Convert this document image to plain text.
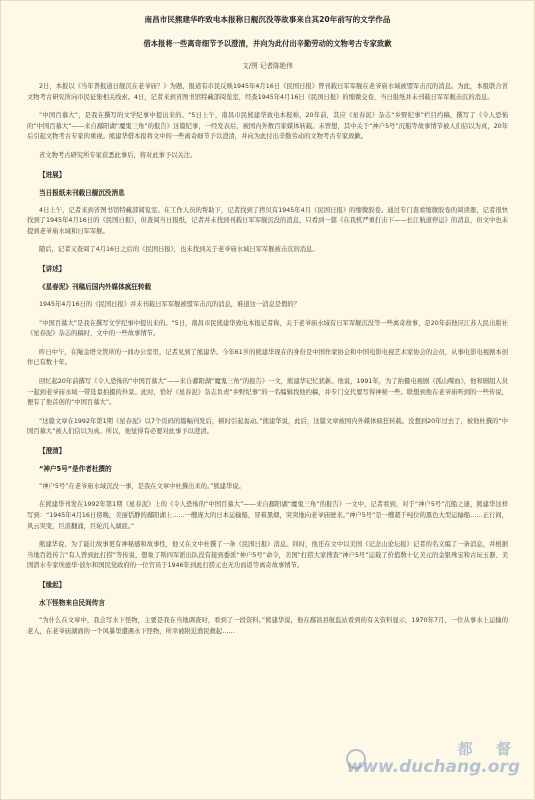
南昌市民熊建华昨致电本报称日舰沉没等故事来自其20年前写的文学作品
借本报将一些离奇细节予以澄清，并向为此付出辛勤劳动的文物考古专家致歉
文/图 记者陈艳伟

2日，本报以《当年普报道日舰沉在老爷庙？》为题，报道有市民反映1945年4月16日《民国日报》曾刊载日军军舰在老爷庙水域被盟军击沉的消息。为此，本报联合省文物考古研究所向市民征集相关线索。4日，记者来到省图书馆特藏部阅览室，经查1945年4月16日《民国日报》的缩微交卷，当日报纸并未刊载日军军舰击沉的消息。

“中国百慕大”，是我在撰写的文学纪事中提出来的。“5日上午，南昌市民熊建华致电本报称，20年前，其应《星春泥》杂志“乡野纪事”栏目约稿，撰写了《令人恐怖的“中国百慕大”——来自鄱阳湖“魔鬼三角”的报告》这篇纪事，一经发表后，被国内外数百家媒体转载。未曾想，其中关于“神户5号”沉船等故事情节被人们信以为真，20年后引起文物考古专家的重视。熊建华借本报将文中的一些离奇细节予以澄清，并向为此付出辛勤劳动的文物考古专家致歉。

省文物考古研究所专家获悉此事后，将对此事予以关注。

【进展】
当日报纸未刊载日舰沉没消息

4日上午，记者来到省图书馆特藏部阅览室。在工作人员的帮助下，记者找到了拷贝有1945年4月《民国日报》的缩微胶卷。通过专门查看缩微胶卷的阅读器，记者很快找到了1945年4月16日的《民国日报》，但查阅当日报纸，记者并未找到刊载日军军舰沉没的消息，只看到一篇《在我机严重打击下——长江航道停运》的消息，但文中也未提到老爷庙水域和日军军舰。

随后，记者又查阅了4月16日之后的《民国日报》，也未找到关于老爷庙水域日军军舰被击沉的消息。

【讲述】
《星春泥》刊稿后国内外媒体疯狂转载

1945年4月16日的《民国日报》并未刊载日军军舰被盟军击沉的消息，难道这一消息是假的？

“中国百慕大”是我在撰写文学纪事中提出来的。“5日，南昌市民熊建华致电本报记者称，关于老爷庙水域有日军军舰沉没等一些离奇故事，是20年前他应江苏人民出版社《星春泥》杂志的稿时，文中的一些故事情节。

昨日中午，在绳金塔文管所的一间办公室里，记者见到了熊建华。今年61岁的熊建华现在的身份是中国作家协会和中国电影电视艺术家协会的会员，从事电影电视剧本创作已有数十年。

回忆起20年前撰写《令人恐怖的“中国百慕大”——来自鄱阳湖“魔鬼三角”的报告》一文，熊建华记忆犹新。他说，1991年，为了拍摄电视剧《孤山喋血》，他和剧组人员一起到老爷庙水域一带选景拍摄的外景。此时，恰好《星春泥》杂志负责“乡野纪事”的一名编辑找他约稿，并专门交代要写得神秘一些。联想到他在老爷庙听到的一些传说，便有了他首创的“中国百慕大”。

“这篇文章在1992年第1期《星春泥》以7个页码的篇幅刊发后，顿时引起轰动。”熊建华说，此后，这篇文章被国内外媒体疯狂转载。没想到20年过去了，被他杜撰的“中国百慕大”被人们信以为真。所以，他觉得有必要对此事予以澄清。

【澄清】
“神户5号”是作者杜撰的

“神户5号”在老爷庙水域沉没一事，是我在文章中杜撰出来的。”熊建华说。

在熊建华刊发在1992年第1期《星春泥》上的《令人恐怖的“中国百慕大”——来自鄱阳湖“魔鬼三角”的报告》一文中，记者看到，对于“神户5号”沉船之谜，熊建华这样写到：“1945年4月16日傍晚，美丽恬静的鄱阳湖上……一艘庞大的日本运输船，冒着黑烟，突突地向老爷庙驶来。”神户5号”是一艘超千吨位的黑色大型运输船……正行间，风云突变，巨浪翻涌，巨轮沉入湖底。”

熊建华说，为了能让故事更有神秘感和故事性，他又在文中杜撰了一条《民国日报》消息。同时，他还在文中以美国《记念山论坛报》记者的名义编了一条消息，并根据当地百姓传言“有人曾到此打捞”等传说，想象了斯四军派出队没有接到委派“神户5号”命令，美国“打捞大家搜查”神户5号”运载了价值数十亿美元的金银珠宝和古玩玉器、美国潜水专家埃德华·波尔和国民党政府的一位官员于1946年到此打捞元也无功而返等离奇故事情节。

【缘起】
水下怪物来自民间传言

“为什么在文章中，我会写水下怪物，主要是我在当地调查时，看到了一段资料。”熊建华说，他在鄱昌县航监站看到的有关资料显示，1970年7月，一位从事水上运输的老人，在老爷庙湖面的一个风暴里遭遇水下怪物，所幸被附近渔民救起……

都 督
www.duchang.org
